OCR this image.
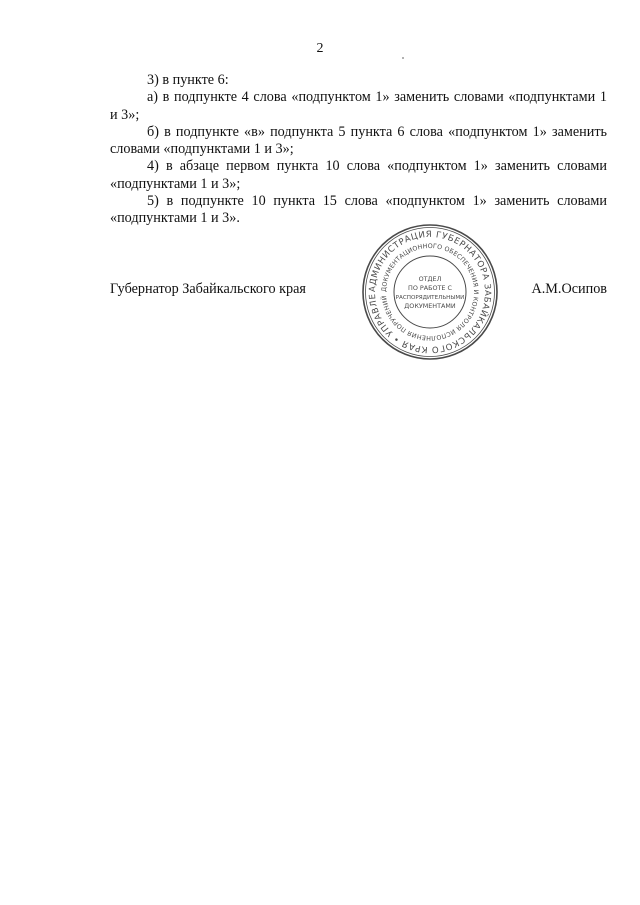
2

3) в пункте 6:

а) в подпункте 4 слова «подпунктом 1» заменить словами «подпунктами 1 и 3»;

б) в подпункте «в» подпункта 5 пункта 6 слова «подпунктом 1» заменить словами «подпунктами 1 и 3»;

4) в абзаце первом пункта 10 слова «подпунктом 1» заменить словами «подпунктами 1 и 3»;

5) в подпункте 10 пункта 15 слова «подпунктом 1» заменить словами «подпунктами 1 и 3».

Губернатор Забайкальского края	А.М.Осипов
АДМИНИСТРАЦИЯ ГУБЕРНАТОРА ЗАБАЙКАЛЬСКОГО КРАЯ • УПРАВЛЕ
ДОКУМЕНТАЦИОННОГО ОБЕСПЕЧЕНИЯ И КОНТРОЛЯ ИСПОЛНЕНИЯ ПОРУЧЕНИЙ
ОТДЕЛ
ПО РАБОТЕ С
РАСПОРЯДИТЕЛЬНЫМИ
ДОКУМЕНТАМИ
